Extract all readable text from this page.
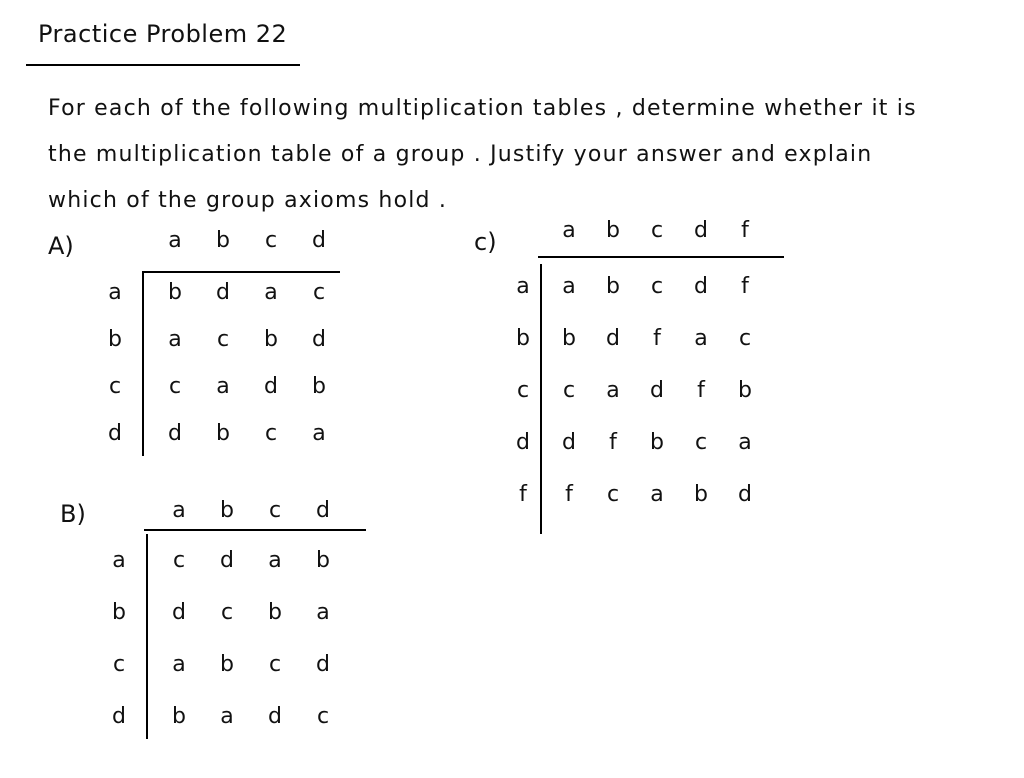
Practice Problem 22
For each of the following multiplication tables , determine whether it is
the multiplication table of a group . Justify your answer and explain
which of the group axioms hold .
A)
B)
c)
a	b	c	d
a	b	d	a	c
b	a	c	b	d
c	c	a	d	b
d	d	b	c	a
a	b	c	d
a	c	d	a	b
b	d	c	b	a
c	a	b	c	d
d	b	a	d	c
a	b	c	d	f
a	a	b	c	d	f
b	b	d	f	a	c
c	c	a	d	f	b
d	d	f	b	c	a
f	f	c	a	b	d
